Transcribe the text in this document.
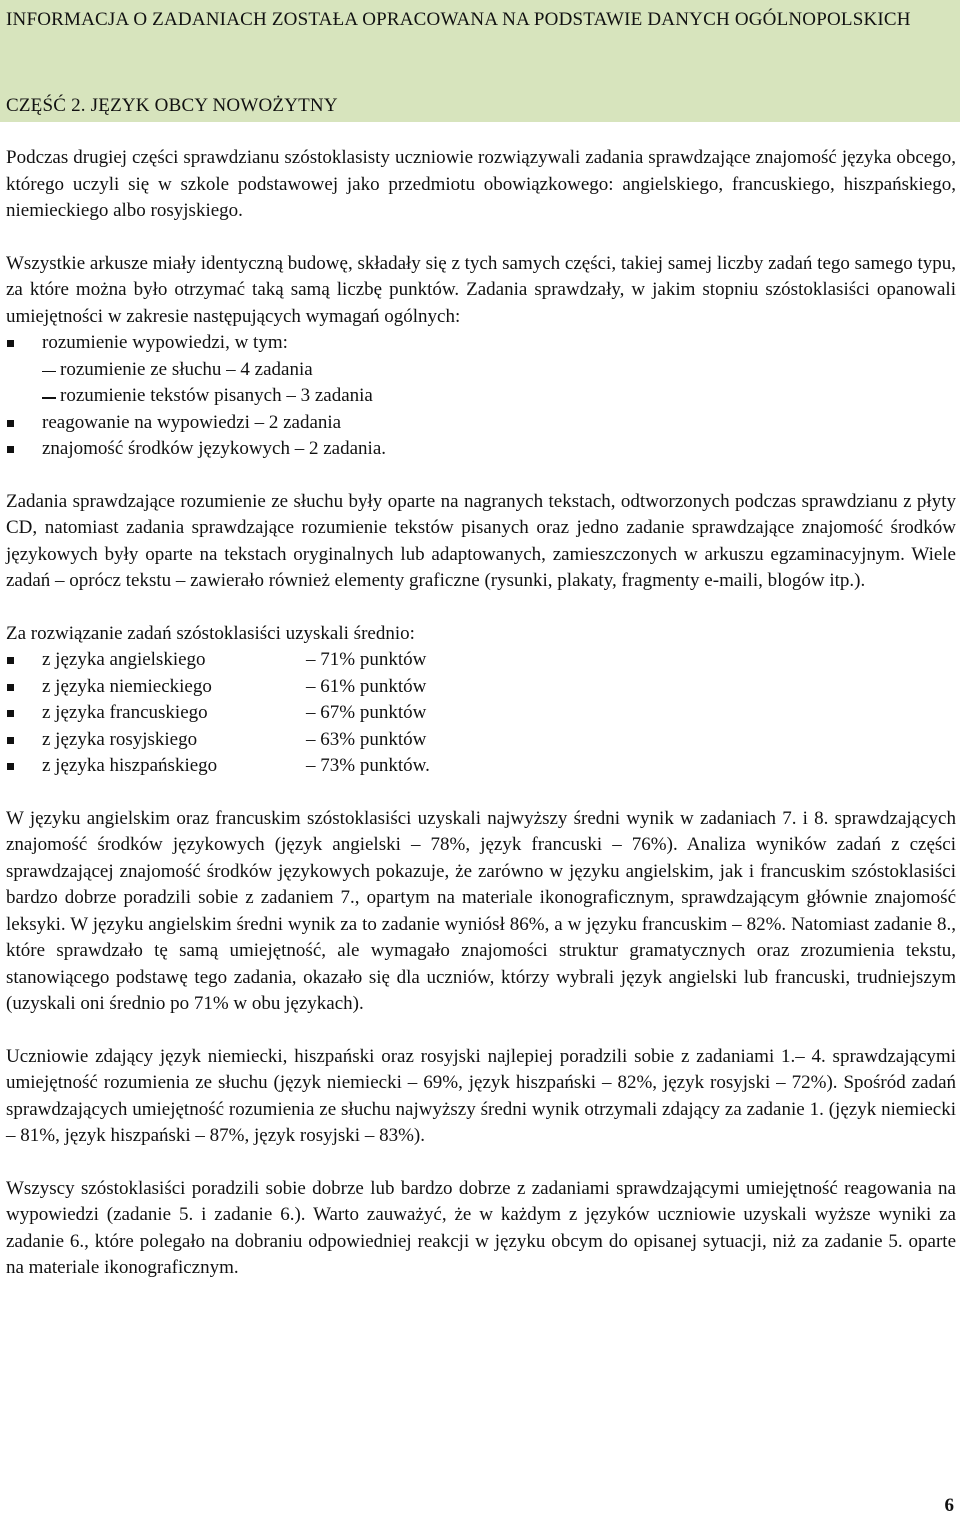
INFORMACJA O ZADANIACH ZOSTAȽA OPRACOWANA NA PODSTAWIE DANYCH OGÓLNOPOLSKICH
CZĘŚĆ 2. JĘZYK OBCY NOWOŻYTNY

Podczas drugiej części sprawdzianu szóstoklasisty uczniowie rozwiązywali zadania sprawdzające znajomość języka obcego, którego uczyli się w szkole podstawowej jako przedmiotu obowiązkowego: angielskiego, francuskiego, hiszpańskiego, niemieckiego albo rosyjskiego.

Wszystkie arkusze miały identyczną budowę, składały się z tych samych części, takiej samej liczby zadań tego samego typu, za które można było otrzymać taką samą liczbę punktów. Zadania sprawdzały, w jakim stopniu szóstoklasiści opanowali umiejętności w zakresie następujących wymagań ogólnych:

rozumienie wypowiedzi, w tym:
rozumienie ze słuchu – 4 zadania
rozumienie tekstów pisanych – 3 zadania
reagowanie na wypowiedzi – 2 zadania
znajomość środków językowych – 2 zadania.

Zadania sprawdzające rozumienie ze słuchu były oparte na nagranych tekstach, odtworzonych podczas sprawdzianu z płyty CD, natomiast zadania sprawdzające rozumienie tekstów pisanych oraz jedno zadanie sprawdzające znajomość środków językowych były oparte na tekstach oryginalnych lub adaptowanych, zamieszczonych w arkuszu egzaminacyjnym. Wiele zadań – oprócz tekstu – zawierało również elementy graficzne (rysunki, plakaty, fragmenty e-maili, blogów itp.).

Za rozwiązanie zadań szóstoklasiści uzyskali średnio:

z języka angielskiego	– 71% punktów
z języka niemieckiego	– 61% punktów
z języka francuskiego	– 67% punktów
z języka rosyjskiego	– 63% punktów
z języka hiszpańskiego	– 73% punktów.

W języku angielskim oraz francuskim szóstoklasiści uzyskali najwyższy średni wynik w zadaniach 7. i 8. sprawdzających znajomość środków językowych (język angielski – 78%, język francuski – 76%). Analiza wyników zadań z części sprawdzającej znajomość środków językowych pokazuje, że zarówno w języku angielskim, jak i francuskim szóstoklasiści bardzo dobrze poradzili sobie z zadaniem 7., opartym na materiale ikonograficznym, sprawdzającym głównie znajomość leksyki. W języku angielskim średni wynik za to zadanie wyniósł 86%, a w języku francuskim – 82%. Natomiast zadanie 8., które sprawdzało tę samą umiejętność, ale wymagało znajomości struktur gramatycznych oraz zrozumienia tekstu, stanowiącego podstawę tego zadania, okazało się dla uczniów, którzy wybrali język angielski lub francuski, trudniejszym (uzyskali oni średnio po 71% w obu językach).

Uczniowie zdający język niemiecki, hiszpański oraz rosyjski najlepiej poradzili sobie z zadaniami 1.– 4. sprawdzającymi umiejętność rozumienia ze słuchu (język niemiecki – 69%, język hiszpański – 82%, język rosyjski – 72%). Spośród zadań sprawdzających umiejętność rozumienia ze słuchu najwyższy średni wynik otrzymali zdający za zadanie 1. (język niemiecki – 81%, język hiszpański – 87%, język rosyjski – 83%).

Wszyscy szóstoklasiści poradzili sobie dobrze lub bardzo dobrze z zadaniami sprawdzającymi umiejętność reagowania na wypowiedzi (zadanie 5. i zadanie 6.). Warto zauważyć, że w każdym z języków uczniowie uzyskali wyższe wyniki za zadanie 6., które polegało na dobraniu odpowiedniej reakcji w języku obcym do opisanej sytuacji, niż za zadanie 5. oparte na materiale ikonograficznym.

6
